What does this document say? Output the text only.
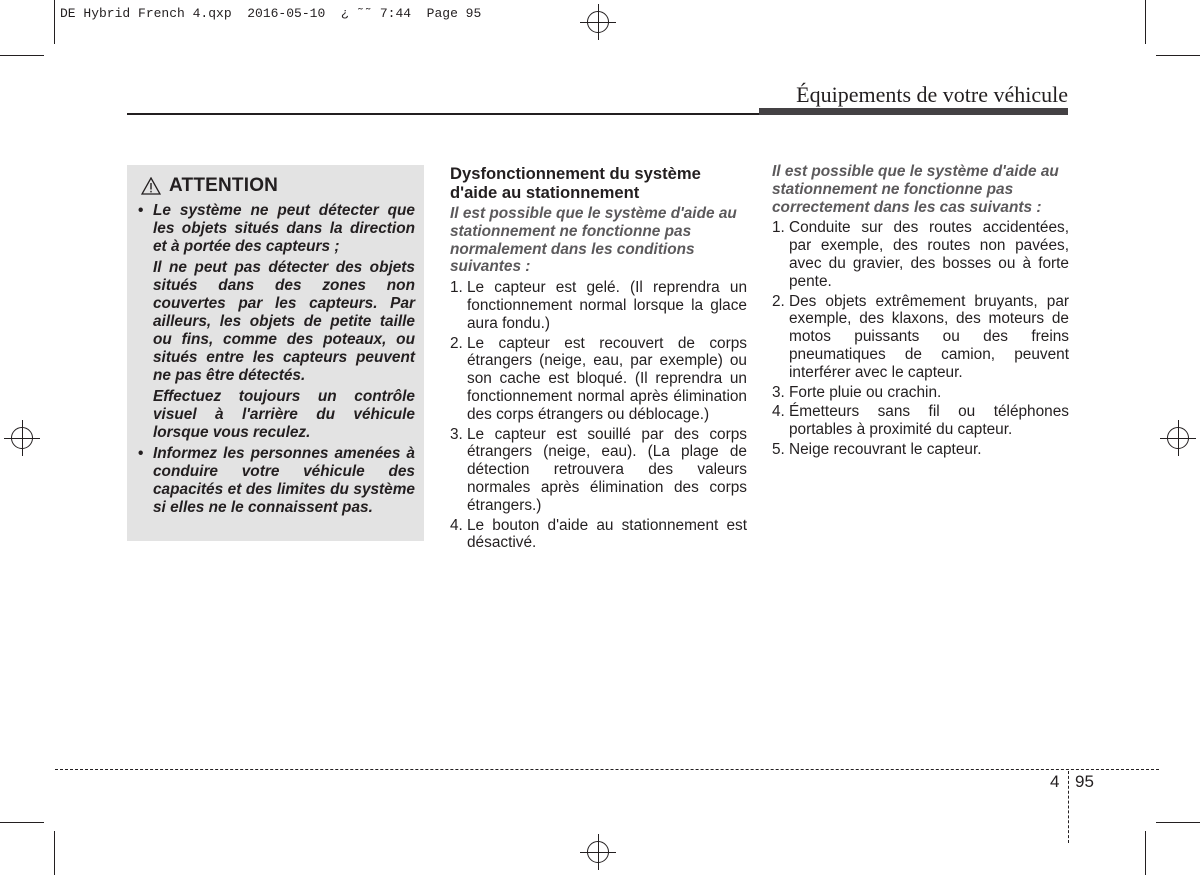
DE Hybrid French 4.qxp  2016-05-10  ¿ ˜˜ 7:44  Page 95
Équipements de votre véhicule
ATTENTION
• Le système ne peut détecter que les objets situés dans la direction et à portée des capteurs ;

Il ne peut pas détecter des objets situés dans des zones non couvertes par les capteurs. Par ailleurs, les objets de petite taille ou fins, comme des poteaux, ou situés entre les capteurs peuvent ne pas être détectés.

Effectuez toujours un contrôle visuel à l'arrière du véhicule lorsque vous reculez.

• Informez les personnes amenées à conduire votre véhicule des capacités et des limites du système si elles ne le connaissent pas.

Dysfonctionnement du système d'aide au stationnement
Il est possible que le système d'aide au stationnement ne fonctionne pas normalement dans les conditions suivantes :
1. Le capteur est gelé. (Il reprendra un fonctionnement normal lorsque la glace aura fondu.)
2. Le capteur est recouvert de corps étrangers (neige, eau, par exemple) ou son cache est bloqué. (Il reprendra un fonctionnement normal après élimination des corps étrangers ou déblocage.)
3. Le capteur est souillé par des corps étrangers (neige, eau). (La plage de détection retrouvera des valeurs normales après élimination des corps étrangers.)
4. Le bouton d'aide au stationnement est désactivé.
Il est possible que le système d'aide au stationnement ne fonctionne pas correctement dans les cas suivants :
1. Conduite sur des routes accidentées, par exemple, des routes non pavées, avec du gravier, des bosses ou à forte pente.
2. Des objets extrêmement bruyants, par exemple, des klaxons, des moteurs de motos puissants ou des freins pneumatiques de camion, peuvent interférer avec le capteur.
3. Forte pluie ou crachin.
4. Émetteurs sans fil ou téléphones portables à proximité du capteur.
5. Neige recouvrant le capteur.
4 95
